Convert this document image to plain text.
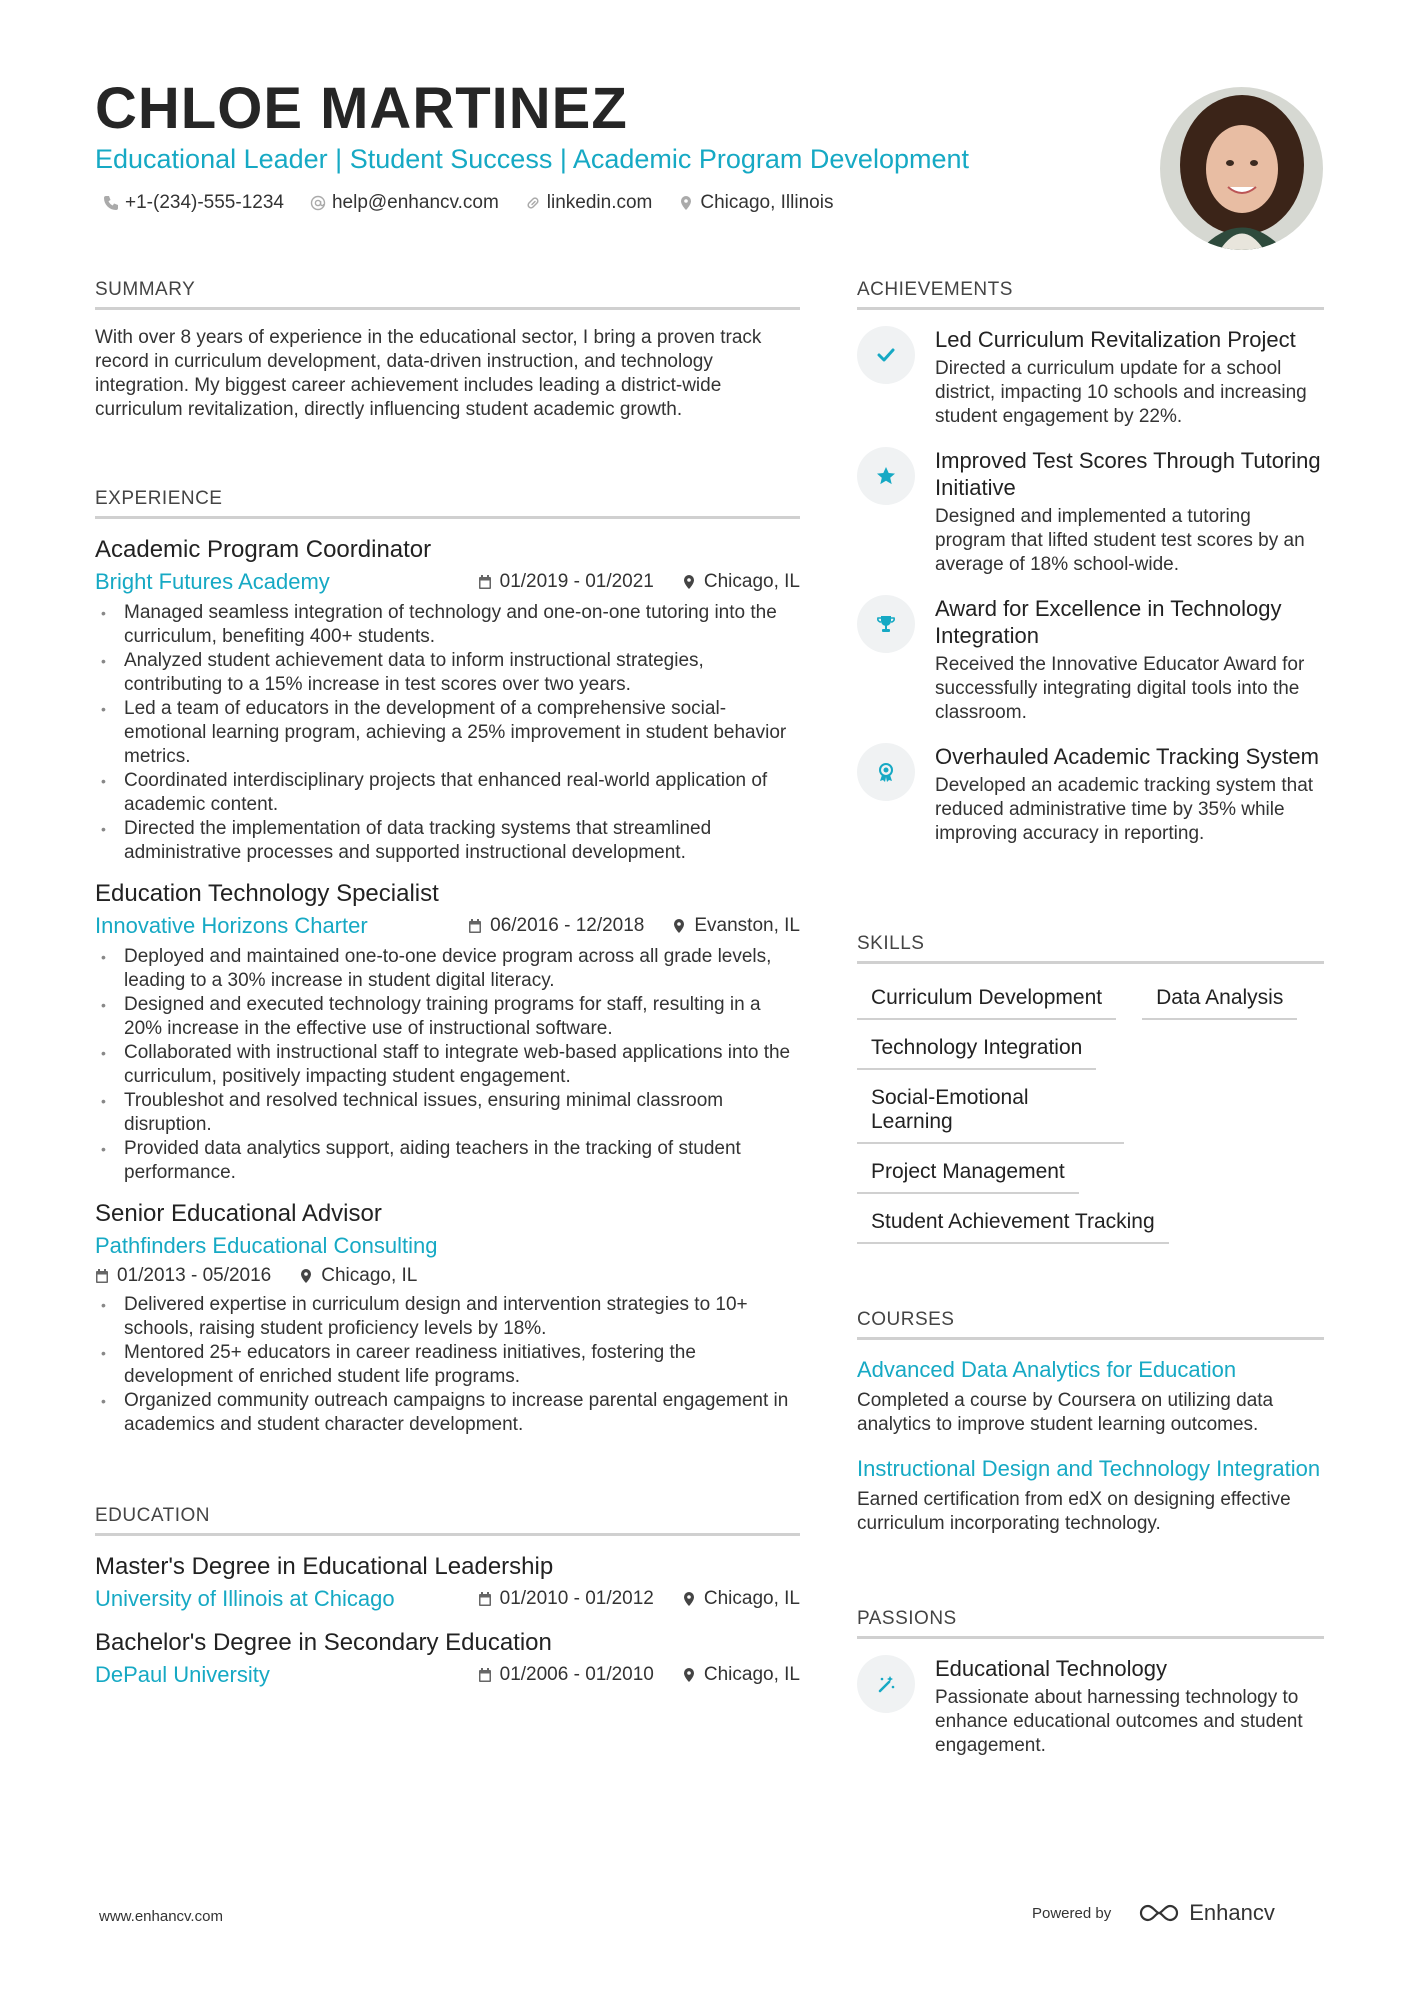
CHLOE MARTINEZ
Educational Leader | Student Success | Academic Program Development
+1-(234)-555-1234	help@enhancv.com	linkedin.com	Chicago, Illinois
SUMMARY
With over 8 years of experience in the educational sector, I bring a proven track record in curriculum development, data-driven instruction, and technology integration. My biggest career achievement includes leading a district-wide curriculum revitalization, directly influencing student academic growth.
EXPERIENCE
Academic Program Coordinator
Bright Futures Academy	01/2019 - 01/2021	Chicago, IL
• Managed seamless integration of technology and one-on-one tutoring into the curriculum, benefiting 400+ students.
• Analyzed student achievement data to inform instructional strategies, contributing to a 15% increase in test scores over two years.
• Led a team of educators in the development of a comprehensive social-emotional learning program, achieving a 25% improvement in student behavior metrics.
• Coordinated interdisciplinary projects that enhanced real-world application of academic content.
• Directed the implementation of data tracking systems that streamlined administrative processes and supported instructional development.
Education Technology Specialist
Innovative Horizons Charter	06/2016 - 12/2018	Evanston, IL
• Deployed and maintained one-to-one device program across all grade levels, leading to a 30% increase in student digital literacy.
• Designed and executed technology training programs for staff, resulting in a 20% increase in the effective use of instructional software.
• Collaborated with instructional staff to integrate web-based applications into the curriculum, positively impacting student engagement.
• Troubleshot and resolved technical issues, ensuring minimal classroom disruption.
• Provided data analytics support, aiding teachers in the tracking of student performance.
Senior Educational Advisor
Pathfinders Educational Consulting
01/2013 - 05/2016	Chicago, IL
• Delivered expertise in curriculum design and intervention strategies to 10+ schools, raising student proficiency levels by 18%.
• Mentored 25+ educators in career readiness initiatives, fostering the development of enriched student life programs.
• Organized community outreach campaigns to increase parental engagement in academics and student character development.
EDUCATION
Master's Degree in Educational Leadership
University of Illinois at Chicago	01/2010 - 01/2012	Chicago, IL
Bachelor's Degree in Secondary Education
DePaul University	01/2006 - 01/2010	Chicago, IL
ACHIEVEMENTS
Led Curriculum Revitalization Project
Directed a curriculum update for a school district, impacting 10 schools and increasing student engagement by 22%.
Improved Test Scores Through Tutoring Initiative
Designed and implemented a tutoring program that lifted student test scores by an average of 18% school-wide.
Award for Excellence in Technology Integration
Received the Innovative Educator Award for successfully integrating digital tools into the classroom.
Overhauled Academic Tracking System
Developed an academic tracking system that reduced administrative time by 35% while improving accuracy in reporting.
SKILLS
Curriculum Development	Data Analysis
Technology Integration
Social-Emotional Learning
Project Management
Student Achievement Tracking
COURSES
Advanced Data Analytics for Education
Completed a course by Coursera on utilizing data analytics to improve student learning outcomes.
Instructional Design and Technology Integration
Earned certification from edX on designing effective curriculum incorporating technology.
PASSIONS
Educational Technology
Passionate about harnessing technology to enhance educational outcomes and student engagement.
www.enhancv.com	Powered by	Enhancv
